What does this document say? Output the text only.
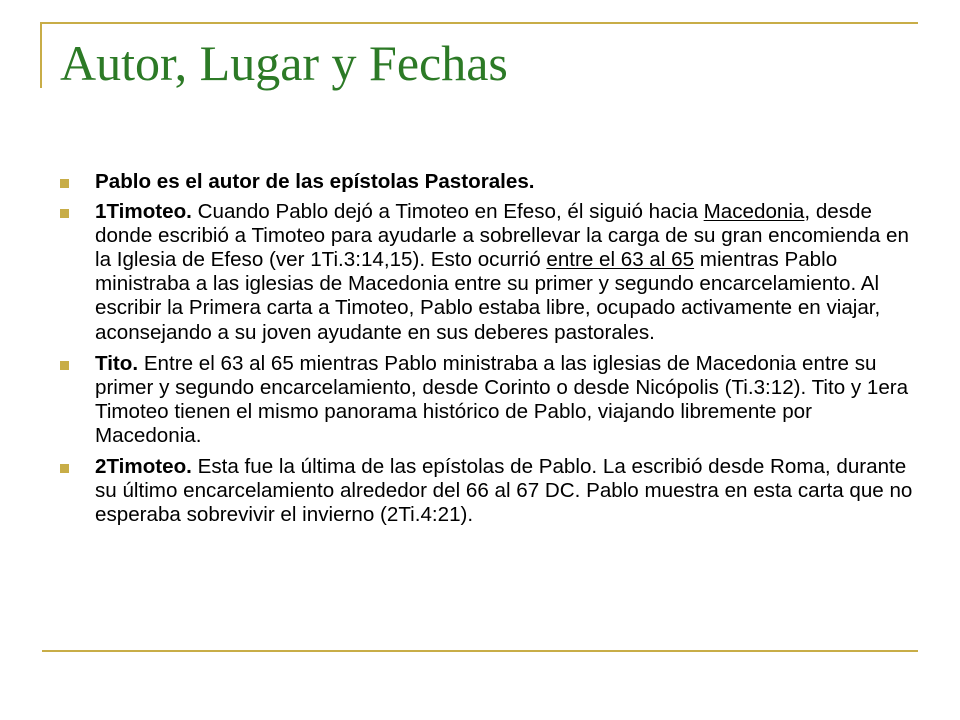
Autor, Lugar y Fechas
Pablo es el autor de las epístolas Pastorales.
1Timoteo. Cuando Pablo dejó a Timoteo en Efeso, él siguió hacia Macedonia, desde donde escribió a Timoteo para ayudarle a sobrellevar la carga de su gran encomienda en la Iglesia de Efeso (ver 1Ti.3:14,15). Esto ocurrió entre el 63 al 65 mientras Pablo ministraba a las iglesias de Macedonia entre su primer y segundo encarcelamiento. Al escribir la Primera carta a Timoteo, Pablo estaba libre, ocupado activamente en viajar, aconsejando a su joven ayudante en sus deberes pastorales.
Tito. Entre el 63 al 65 mientras Pablo ministraba a las iglesias de Macedonia entre su primer y segundo encarcelamiento, desde Corinto o desde Nicópolis (Ti.3:12). Tito y 1era Timoteo tienen el mismo panorama histórico de Pablo, viajando libremente por Macedonia.
2Timoteo. Esta fue la última de las epístolas de Pablo. La escribió desde Roma, durante su último encarcelamiento alrededor del 66 al 67 DC. Pablo muestra en esta carta que no esperaba sobrevivir el invierno (2Ti.4:21).
